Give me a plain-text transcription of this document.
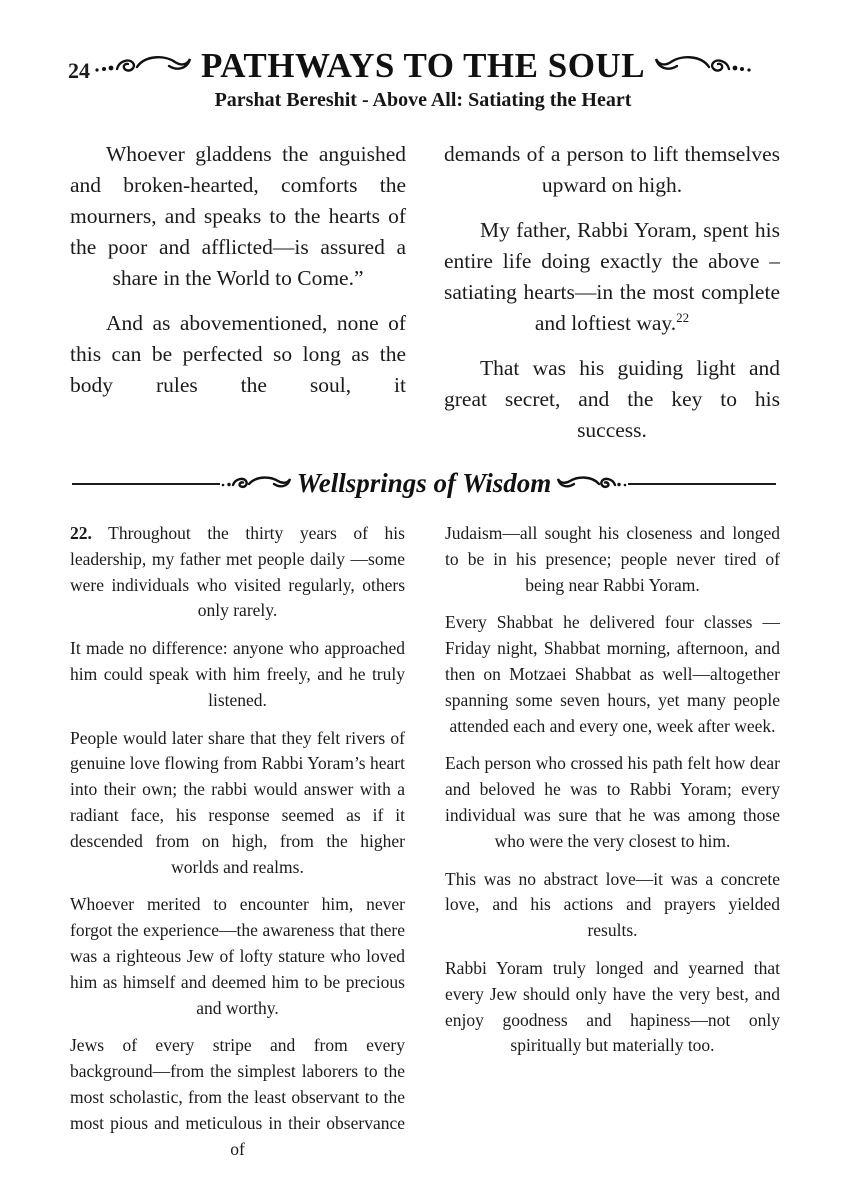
24	PATHWAYS TO THE SOUL
Parshat Bereshit - Above All: Satiating the Heart

Whoever gladdens the anguished and broken-hearted, comforts the mourners, and speaks to the hearts of the poor and afflicted—is assured a share in the World to Come.”

And as abovementioned, none of this can be perfected so long as the body rules the soul, it

demands of a person to lift themselves upward on high.

My father, Rabbi Yoram, spent his entire life doing exactly the above – satiating hearts—in the most complete and loftiest way.$^{22}$

That was his guiding light and great secret, and the key to his success.

Wellsprings of Wisdom

22. Throughout the thirty years of his leadership, my father met people daily —some were individuals who visited regularly, others only rarely.

It made no difference: anyone who approached him could speak with him freely, and he truly listened.

People would later share that they felt rivers of genuine love flowing from Rabbi Yoram’s heart into their own; the rabbi would answer with a radiant face, his response seemed as if it descended from on high, from the higher worlds and realms.

Whoever merited to encounter him, never forgot the experience—the awareness that there was a righteous Jew of lofty stature who loved him as himself and deemed him to be precious and worthy.

Jews of every stripe and from every background—from the simplest laborers to the most scholastic, from the least observant to the most pious and meticulous in their observance of

Judaism—all sought his closeness and longed to be in his presence; people never tired of being near Rabbi Yoram.

Every Shabbat he delivered four classes —Friday night, Shabbat morning, afternoon, and then on Motzaei Shabbat as well—altogether spanning some seven hours, yet many people attended each and every one, week after week.

Each person who crossed his path felt how dear and beloved he was to Rabbi Yoram; every individual was sure that he was among those who were the very closest to him.

This was no abstract love—it was a concrete love, and his actions and prayers yielded results.

Rabbi Yoram truly longed and yearned that every Jew should only have the very best, and enjoy goodness and hapiness—not only spiritually but materially too.
